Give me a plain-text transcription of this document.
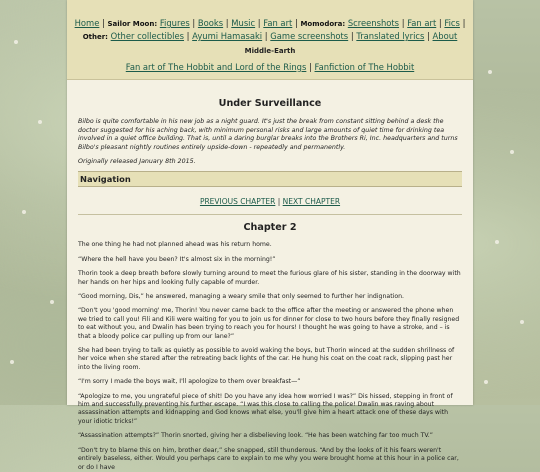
Home | Sailor Moon: Figures | Books | Music | Fan art | Momodora: Screenshots | Fan art | Fics | Other: Other collectibles | Ayumi Hamasaki | Game screenshots | Translated lyrics | About
Middle-Earth
Fan art of The Hobbit and Lord of the Rings | Fanfiction of The Hobbit
Under Surveillance

Bilbo is quite comfortable in his new job as a night guard. It's just the break from constant sitting behind a desk the doctor suggested for his aching back, with minimum personal risks and large amounts of quiet time for drinking tea involved in a quiet office building. That is, until a daring burglar breaks into the Brothers Ri, Inc. headquarters and turns Bilbo's pleasant nightly routines entirely upside-down - repeatedly and permanently.

Originally released January 8th 2015.

Navigation
PREVIOUS CHAPTER | NEXT CHAPTER
Chapter 2

The one thing he had not planned ahead was his return home.

“Where the hell have you been? It's almost six in the morning!”

Thorin took a deep breath before slowly turning around to meet the furious glare of his sister, standing in the doorway with her hands on her hips and looking fully capable of murder.

“Good morning, Dis,” he answered, managing a weary smile that only seemed to further her indignation.

“Don't you 'good morning' me, Thorin! You never came back to the office after the meeting or answered the phone when we tried to call you! Fili and Kili were waiting for you to join us for dinner for close to two hours before they finally resigned to eat without you, and Dwalin has been trying to reach you for hours! I thought he was going to have a stroke, and – is that a bloody police car pulling up from our lane?”

She had been trying to talk as quietly as possible to avoid waking the boys, but Thorin winced at the sudden shrillness of her voice when she stared after the retreating back lights of the car. He hung his coat on the coat rack, slipping past her into the living room.

“I'm sorry I made the boys wait, I'll apologize to them over breakfast—”

“Apologize to me, you ungrateful piece of shit! Do you have any idea how worried I was?” Dis hissed, stepping in front of him and successfully preventing his further escape. “I was this close to calling the police! Dwalin was raving about assassination attempts and kidnapping and God knows what else, you'll give him a heart attack one of these days with your idiotic tricks!”

“Assassination attempts?” Thorin snorted, giving her a disbelieving look. “He has been watching far too much TV.”

“Don't try to blame this on him, brother dear,” she snapped, still thunderous. “And by the looks of it his fears weren't entirely baseless, either. Would you perhaps care to explain to me why you were brought home at this hour in a police car, or do I have
